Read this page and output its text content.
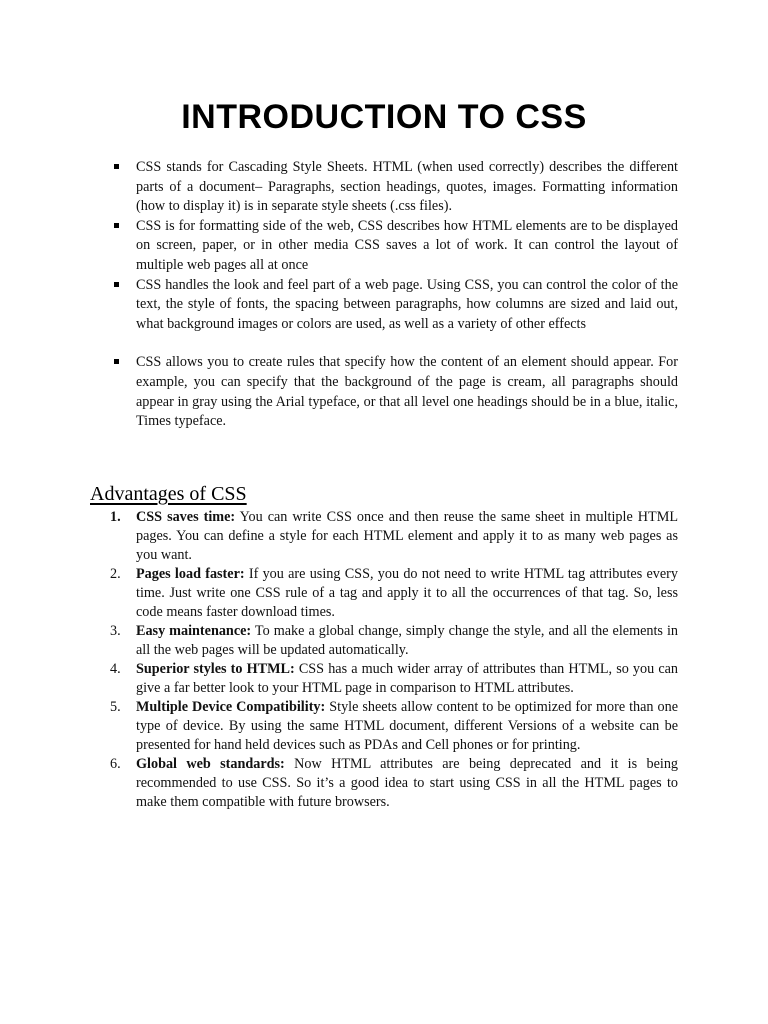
INTRODUCTION TO CSS
CSS stands for Cascading Style Sheets. HTML (when used correctly) describes the different parts of a document– Paragraphs, section headings, quotes, images. Formatting information (how to display it) is in separate style sheets (.css files).
CSS is for formatting side of the web, CSS describes how HTML elements are to be displayed on screen, paper, or in other media CSS saves a lot of work. It can control the layout of multiple web pages all at once
CSS handles the look and feel part of a web page. Using CSS, you can control the color of the text, the style of fonts, the spacing between paragraphs, how columns are sized and laid out, what background images or colors are used, as well as a variety of other effects
CSS allows you to create rules that specify how the content of an element should appear. For example, you can specify that the background of the page is cream, all paragraphs should appear in gray using the Arial typeface, or that all level one headings should be in a blue, italic, Times typeface.
Advantages of CSS
1. CSS saves time: You can write CSS once and then reuse the same sheet in multiple HTML pages. You can define a style for each HTML element and apply it to as many web pages as you want.
2. Pages load faster: If you are using CSS, you do not need to write HTML tag attributes every time. Just write one CSS rule of a tag and apply it to all the occurrences of that tag. So, less code means faster download times.
3. Easy maintenance: To make a global change, simply change the style, and all the elements in all the web pages will be updated automatically.
4. Superior styles to HTML: CSS has a much wider array of attributes than HTML, so you can give a far better look to your HTML page in comparison to HTML attributes.
5. Multiple Device Compatibility: Style sheets allow content to be optimized for more than one type of device. By using the same HTML document, different Versions of a website can be presented for hand held devices such as PDAs and Cell phones or for printing.
6. Global web standards: Now HTML attributes are being deprecated and it is being recommended to use CSS. So it’s a good idea to start using CSS in all the HTML pages to make them compatible with future browsers.
